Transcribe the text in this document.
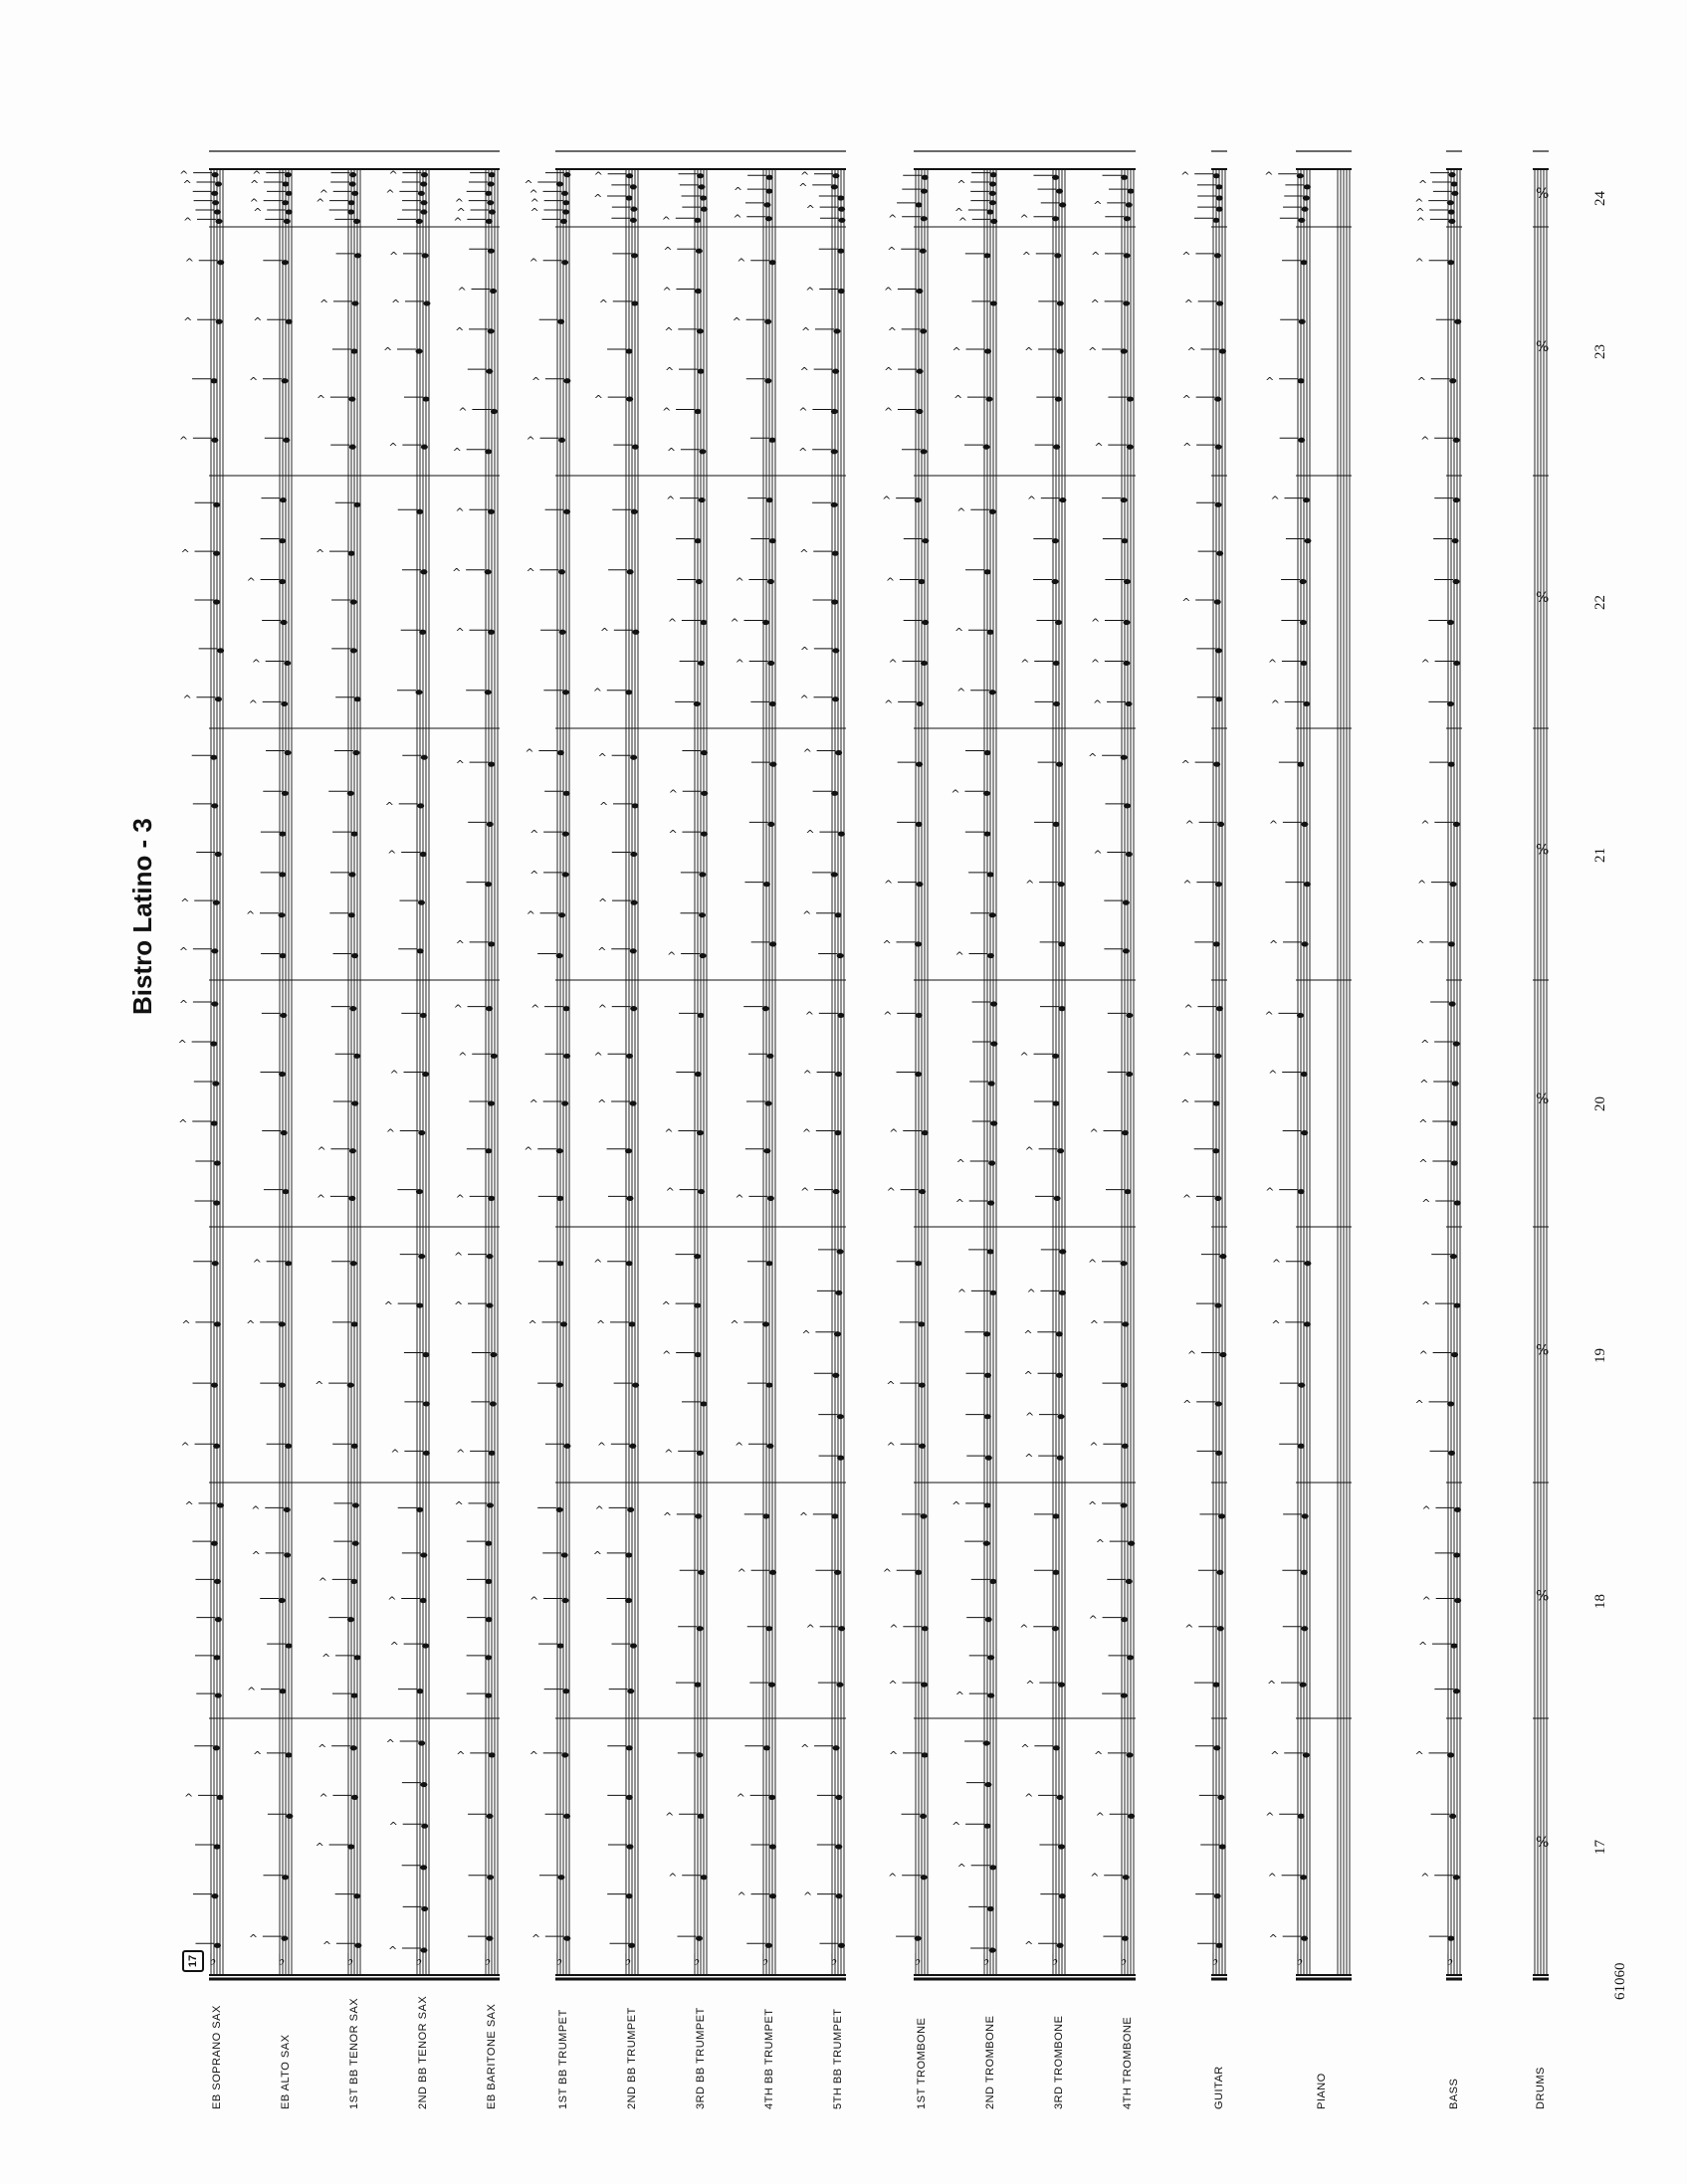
Bistro Latino - 3
17
61060
^
^
^
^
^
^
^
^
^
^
^
^
^
^
^
^
^
^
^
^
^
^
^
^
^
^
^
^
^
^
^
^
^
^
^
^
^
^
^
^
^
^
^
^
^
^
^
^
^
^
^
^
^
^
^
^
^
^
^
^
^
^
^
^
^
^
^
^
^
^
^
^
^
^
^
^
^
^
^
^
^
^
^
^
^
^
^
^
^
^
^
^
^
^
^
^
^
^
^
^
^
^
^
^
^
^
^
^
^
^
^
^
^
^
^
^
^
^
^
^
^
^
^
^
^
^
^
^
^
^
^
^
^
^
^
^
^
^
^
^
^
^
^
^
^
^
^
^
^
^
^
^
^
^
^
^
^
^
^
^
^
^
^
^
^
^
^
^
^
^
^
^
^
^
^
^
^
^
^
^
^
^
^
^
^
^
^
^
^
^
^
^
^
^
^
^
^
^
^
^
^
^
^
^
^
^
^
^
^
^
^
^
^
^
^
^
^
^
^
^
^
^
^
^
^
^
^
^
^
^
^
^
^
^
^
^
^
^
^
^
^
^
^
^
^
^
^
^
^
^
^
^
^
^
^
^
^
^
^
^
^
^
^
^
^
^
^
^
^
^
^
^
^
^
^
^
^
^
^
^
^
^
^
^
^
^
^
^
^
^
^
^
^
^
^
^
^
^
^
^
^
^
^
^
^
^
^
^
^
^
^
^
^
%
%
%
%
%
%
%
%
♭	♭	♭	♭	♭	♭	♭	♭	♭	♭	♭	♭	♭	♭	♭	♭	♭
EB SOPRANO SAX	EB ALTO SAX	1ST BB TENOR SAX	2ND BB TENOR SAX	EB BARITONE SAX	1ST BB TRUMPET	2ND BB TRUMPET	3RD BB TRUMPET	4TH BB TRUMPET	5TH BB TRUMPET	1ST TROMBONE	2ND TROMBONE	3RD TROMBONE	4TH TROMBONE	GUITAR	PIANO	BASS	DRUMS
17
18
19
20
21
22
23
24
